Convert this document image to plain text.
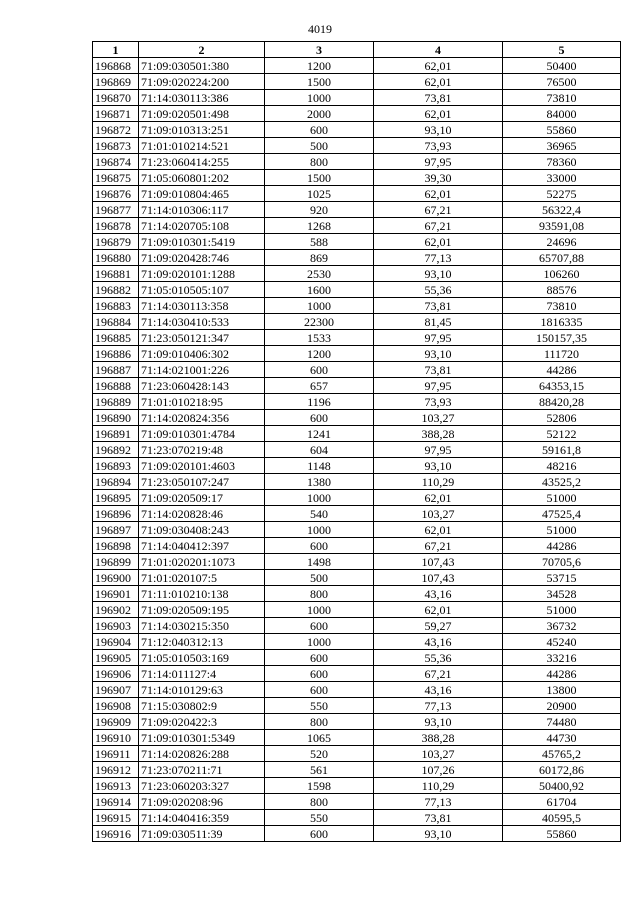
4019
1	2	3	4	5
196868	71:09:030501:380	1200	62,01	50400
196869	71:09:020224:200	1500	62,01	76500
196870	71:14:030113:386	1000	73,81	73810
196871	71:09:020501:498	2000	62,01	84000
196872	71:09:010313:251	600	93,10	55860
196873	71:01:010214:521	500	73,93	36965
196874	71:23:060414:255	800	97,95	78360
196875	71:05:060801:202	1500	39,30	33000
196876	71:09:010804:465	1025	62,01	52275
196877	71:14:010306:117	920	67,21	56322,4
196878	71:14:020705:108	1268	67,21	93591,08
196879	71:09:010301:5419	588	62,01	24696
196880	71:09:020428:746	869	77,13	65707,88
196881	71:09:020101:1288	2530	93,10	106260
196882	71:05:010505:107	1600	55,36	88576
196883	71:14:030113:358	1000	73,81	73810
196884	71:14:030410:533	22300	81,45	1816335
196885	71:23:050121:347	1533	97,95	150157,35
196886	71:09:010406:302	1200	93,10	111720
196887	71:14:021001:226	600	73,81	44286
196888	71:23:060428:143	657	97,95	64353,15
196889	71:01:010218:95	1196	73,93	88420,28
196890	71:14:020824:356	600	103,27	52806
196891	71:09:010301:4784	1241	388,28	52122
196892	71:23:070219:48	604	97,95	59161,8
196893	71:09:020101:4603	1148	93,10	48216
196894	71:23:050107:247	1380	110,29	43525,2
196895	71:09:020509:17	1000	62,01	51000
196896	71:14:020828:46	540	103,27	47525,4
196897	71:09:030408:243	1000	62,01	51000
196898	71:14:040412:397	600	67,21	44286
196899	71:01:020201:1073	1498	107,43	70705,6
196900	71:01:020107:5	500	107,43	53715
196901	71:11:010210:138	800	43,16	34528
196902	71:09:020509:195	1000	62,01	51000
196903	71:14:030215:350	600	59,27	36732
196904	71:12:040312:13	1000	43,16	45240
196905	71:05:010503:169	600	55,36	33216
196906	71:14:011127:4	600	67,21	44286
196907	71:14:010129:63	600	43,16	13800
196908	71:15:030802:9	550	77,13	20900
196909	71:09:020422:3	800	93,10	74480
196910	71:09:010301:5349	1065	388,28	44730
196911	71:14:020826:288	520	103,27	45765,2
196912	71:23:070211:71	561	107,26	60172,86
196913	71:23:060203:327	1598	110,29	50400,92
196914	71:09:020208:96	800	77,13	61704
196915	71:14:040416:359	550	73,81	40595,5
196916	71:09:030511:39	600	93,10	55860
